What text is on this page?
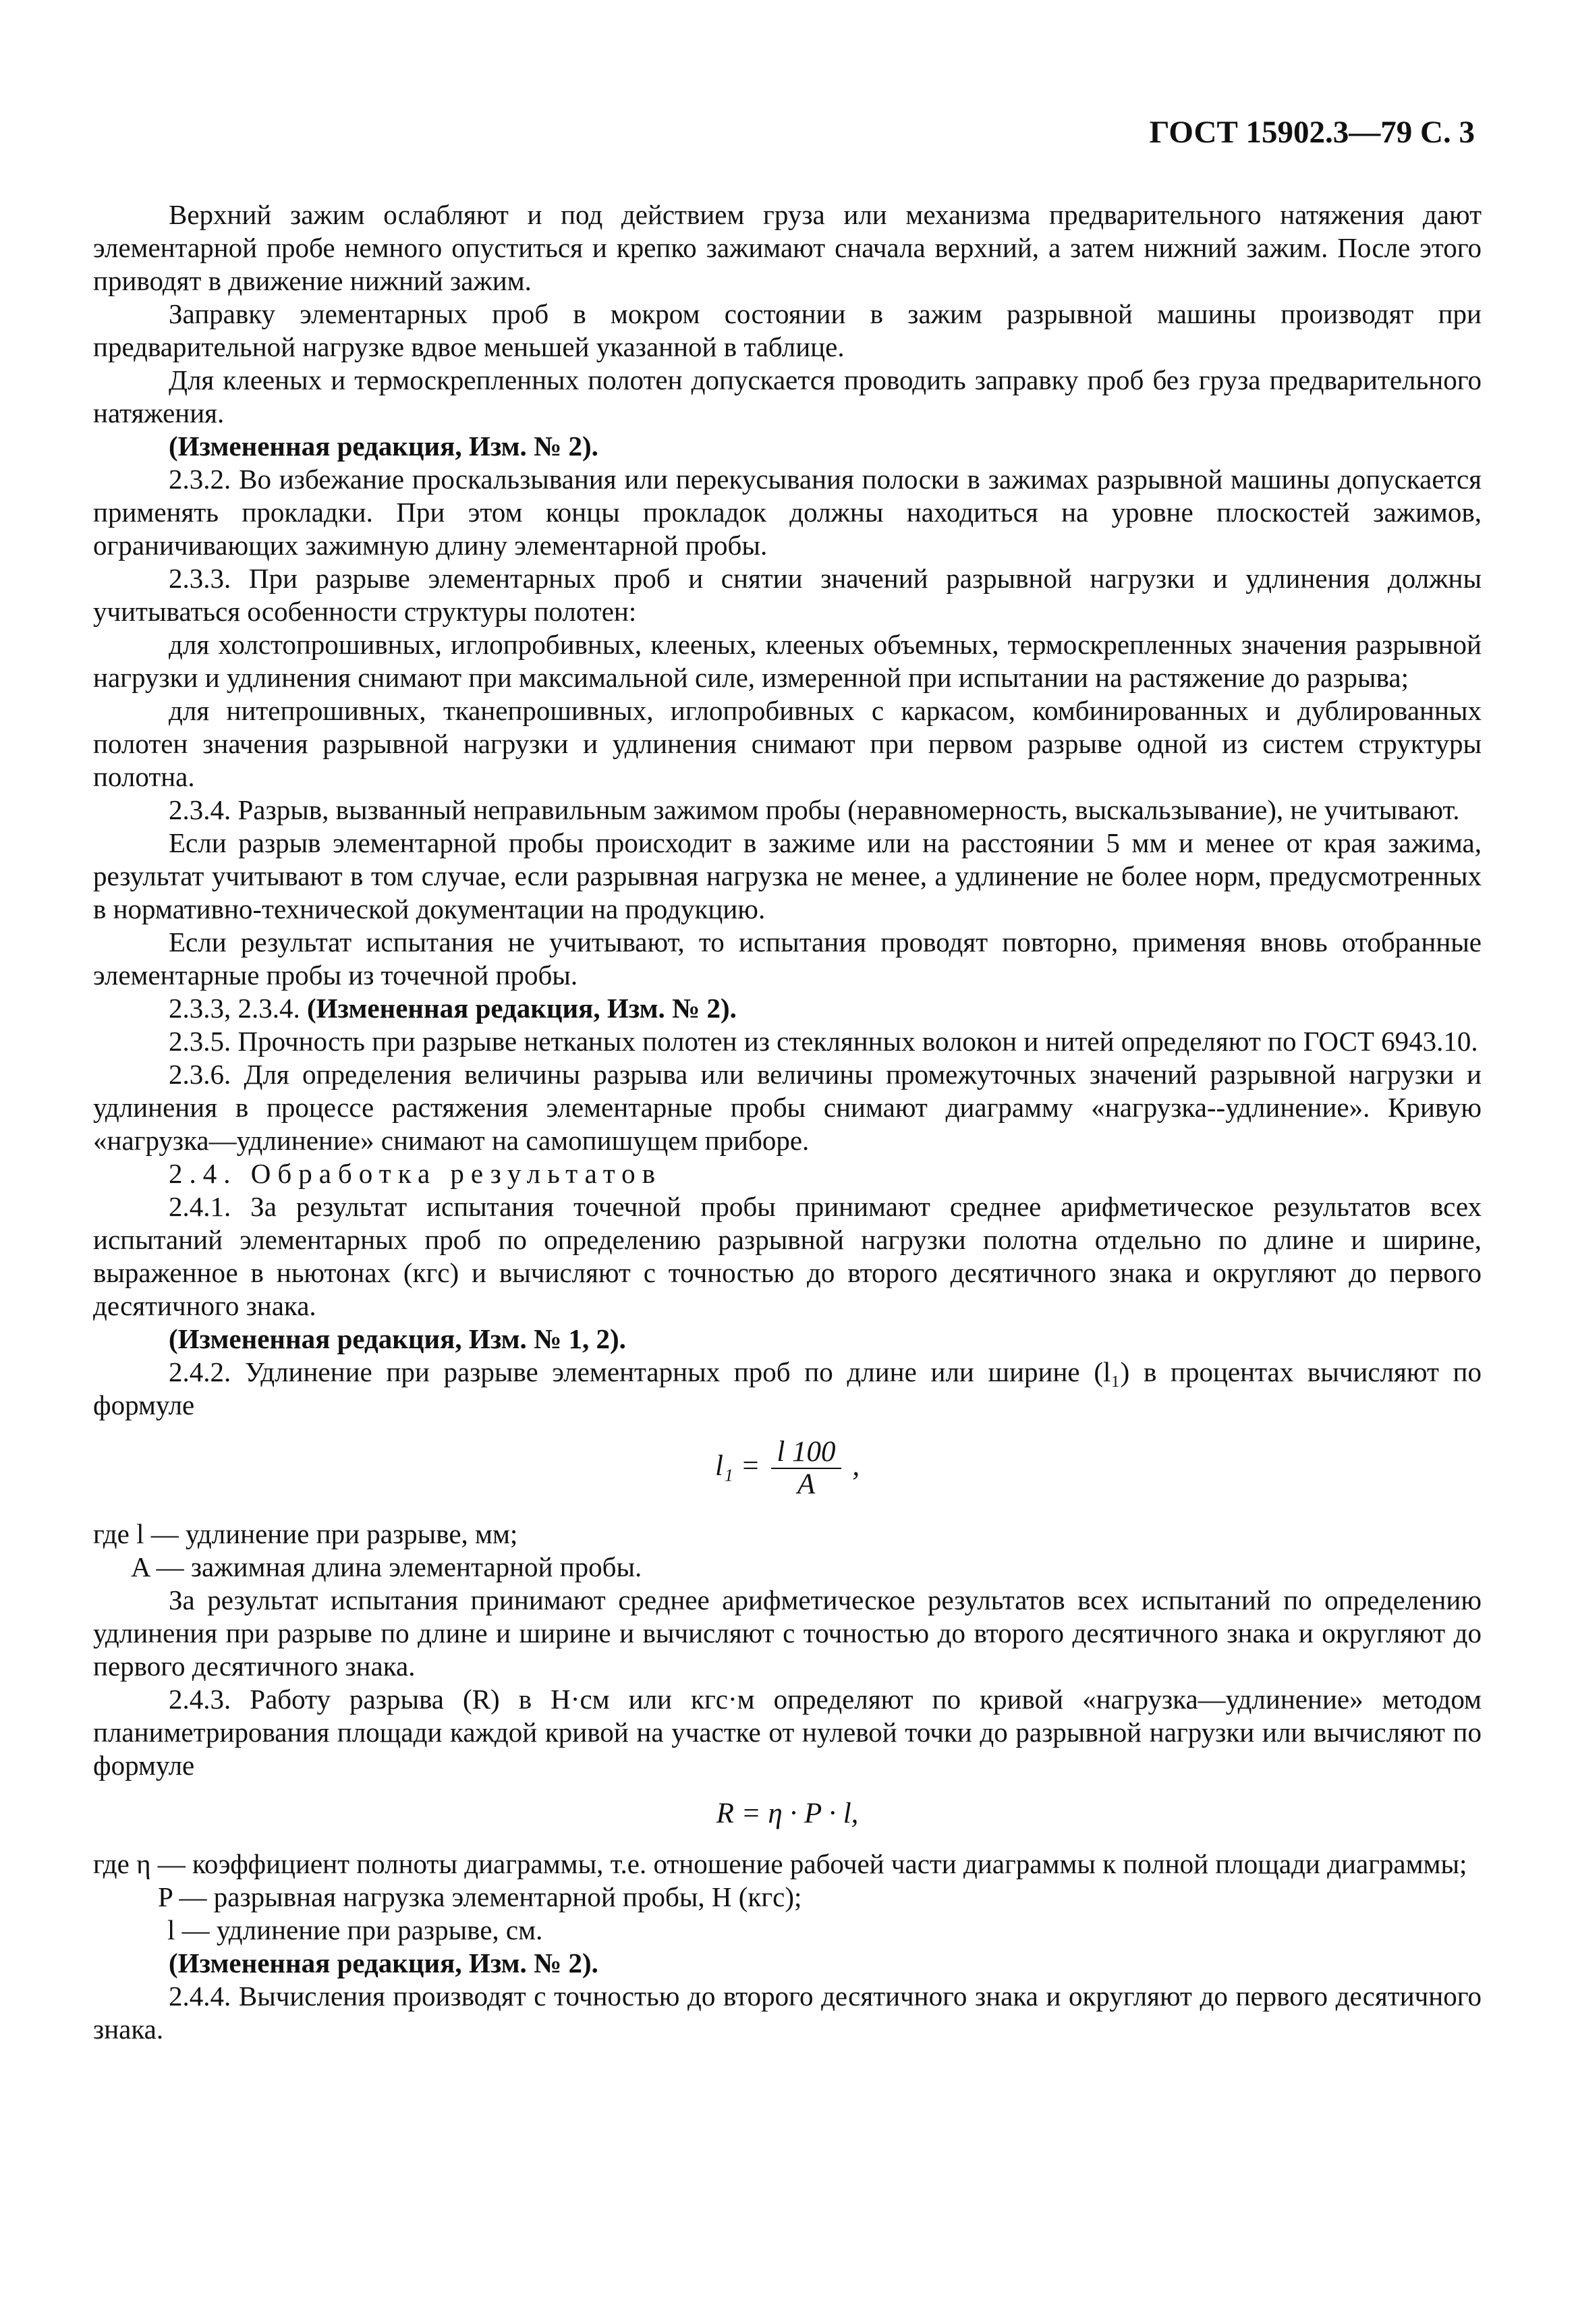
ГОСТ 15902.3—79 С. 3

Верхний зажим ослабляют и под действием груза или механизма предварительного натяжения дают элементарной пробе немного опуститься и крепко зажимают сначала верхний, а затем нижний зажим. После этого приводят в движение нижний зажим.

Заправку элементарных проб в мокром состоянии в зажим разрывной машины производят при предварительной нагрузке вдвое меньшей указанной в таблице.

Для клееных и термоскрепленных полотен допускается проводить заправку проб без груза предварительного натяжения.

(Измененная редакция, Изм. № 2).

2.3.2. Во избежание проскальзывания или перекусывания полоски в зажимах разрывной машины допускается применять прокладки. При этом концы прокладок должны находиться на уровне плоскостей зажимов, ограничивающих зажимную длину элементарной пробы.

2.3.3. При разрыве элементарных проб и снятии значений разрывной нагрузки и удлинения должны учитываться особенности структуры полотен:

для холстопрошивных, иглопробивных, клееных, клееных объемных, термоскрепленных значения разрывной нагрузки и удлинения снимают при максимальной силе, измеренной при испытании на растяжение до разрыва;

для нитепрошивных, тканепрошивных, иглопробивных с каркасом, комбинированных и дублированных полотен значения разрывной нагрузки и удлинения снимают при первом разрыве одной из систем структуры полотна.

2.3.4. Разрыв, вызванный неправильным зажимом пробы (неравномерность, выскальзывание), не учитывают.

Если разрыв элементарной пробы происходит в зажиме или на расстоянии 5 мм и менее от края зажима, результат учитывают в том случае, если разрывная нагрузка не менее, а удлинение не более норм, предусмотренных в нормативно-технической документации на продукцию.

Если результат испытания не учитывают, то испытания проводят повторно, применяя вновь отобранные элементарные пробы из точечной пробы.

2.3.3, 2.3.4. (Измененная редакция, Изм. № 2).

2.3.5. Прочность при разрыве нетканых полотен из стеклянных волокон и нитей определяют по ГОСТ 6943.10.

2.3.6. Для определения величины разрыва или величины промежуточных значений разрывной нагрузки и удлинения в процессе растяжения элементарные пробы снимают диаграмму «нагрузка--удлинение». Кривую «нагрузка—удлинение» снимают на самопишущем приборе.

2.4. Обработка результатов

2.4.1. За результат испытания точечной пробы принимают среднее арифметическое результатов всех испытаний элементарных проб по определению разрывной нагрузки полотна отдельно по длине и ширине, выраженное в ньютонах (кгс) и вычисляют с точностью до второго десятичного знака и округляют до первого десятичного знака.

(Измененная редакция, Изм. № 1, 2).

2.4.2. Удлинение при разрыве элементарных проб по длине или ширине (l₁) в процентах вычисляют по формуле

$l_1 = \frac{l 100}{A}$ ,

где l — удлинение при разрыве, мм;

A — зажимная длина элементарной пробы.

За результат испытания принимают среднее арифметическое результатов всех испытаний по определению удлинения при разрыве по длине и ширине и вычисляют с точностью до второго десятичного знака и округляют до первого десятичного знака.

2.4.3. Работу разрыва (R) в Н·см или кгс·м определяют по кривой «нагрузка—удлинение» методом планиметрирования площади каждой кривой на участке от нулевой точки до разрывной нагрузки или вычисляют по формуле

R = η · P · l,

где η — коэффициент полноты диаграммы, т.е. отношение рабочей части диаграммы к полной площади диаграммы;

P — разрывная нагрузка элементарной пробы, Н (кгс);

l — удлинение при разрыве, см.

(Измененная редакция, Изм. № 2).

2.4.4. Вычисления производят с точностью до второго десятичного знака и округляют до первого десятичного знака.
